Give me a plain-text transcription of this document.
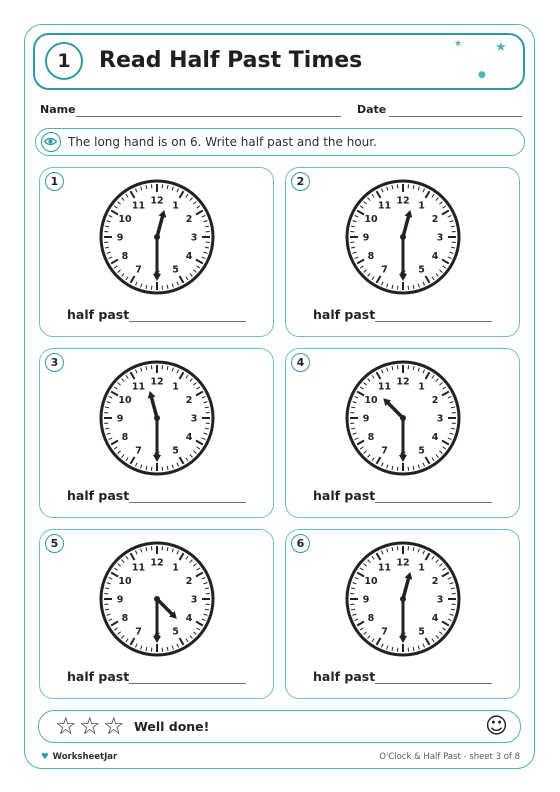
1	Read Half Past Times
★	★
●
Name	Date
The long hand is on 6. Write half past and the hour.
1
12 1
2
3
4
5
7
8
9
10
11
half past
2
12 1
2
3
4
5
7
8
9
10
11
half past
3
12 1
2
3
4
5
7
8
9
10
11
half past
4
12 1
2
3
4
5
7
8
9
10
11
half past
5
12 1
2
3
4
5
7
8
9
10
11
half past
6
12 1
2
3
4
5
7
8
9
10
11
half past
☆ ☆ ☆ Well done!	☺
♥ WorksheetJar	O'Clock & Half Past - sheet 3 of 8
